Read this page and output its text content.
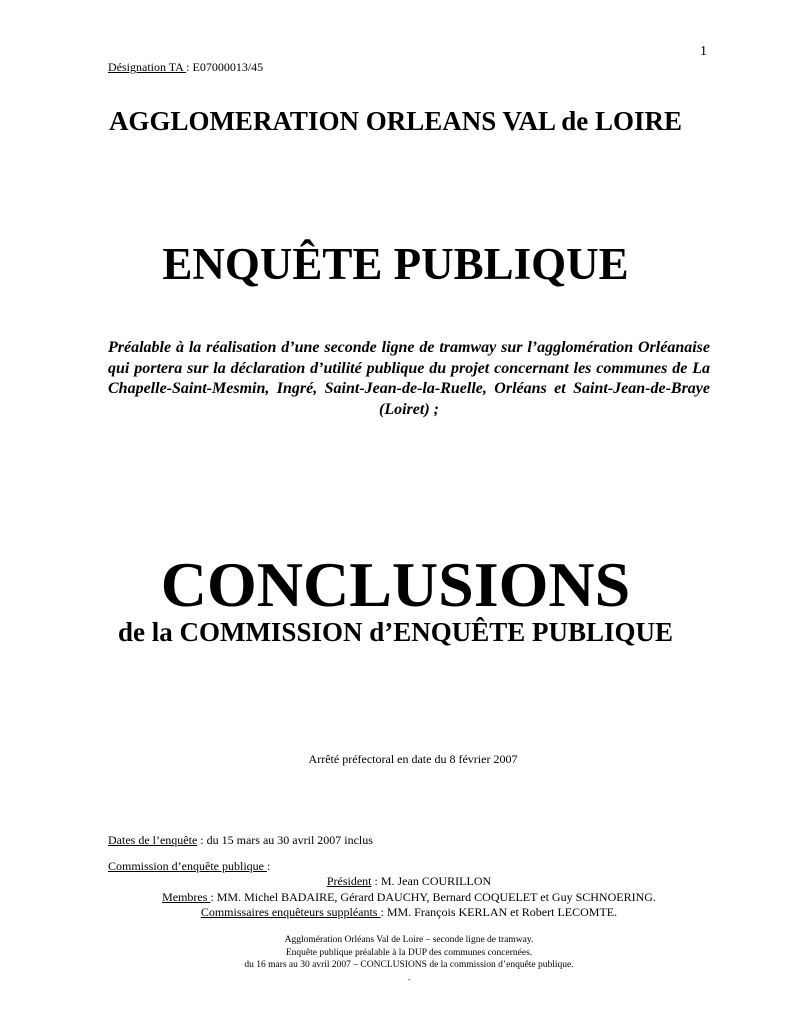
1
Désignation TA : E07000013/45
AGGLOMERATION ORLEANS VAL de LOIRE
ENQUÊTE PUBLIQUE
Préalable à la réalisation d’une seconde ligne de tramway sur l’agglomération Orléanaise qui portera sur la déclaration d’utilité publique du projet concernant les communes de La Chapelle-Saint-Mesmin, Ingré, Saint-Jean-de-la-Ruelle, Orléans et Saint-Jean-de-Braye (Loiret) ;
CONCLUSIONS
de la COMMISSION d’ENQUÊTE PUBLIQUE
Arrêté préfectoral en date du 8 février 2007
Dates de l’enquête : du 15 mars au 30 avril 2007 inclus
Commission d’enquête publique :
Président : M. Jean COURILLON
Membres : MM. Michel BADAIRE, Gérard DAUCHY, Bernard COQUELET et Guy SCHNOERING.
Commissaires enquêteurs suppléants : MM. François KERLAN et Robert LECOMTE.
Agglomération Orléans Val de Loire – seconde ligne de tramway.
Enquête publique préalable à la DUP des communes concernées.
du 16 mars au 30 avril 2007 – CONCLUSIONS de la commission d’enquête publique.
.
